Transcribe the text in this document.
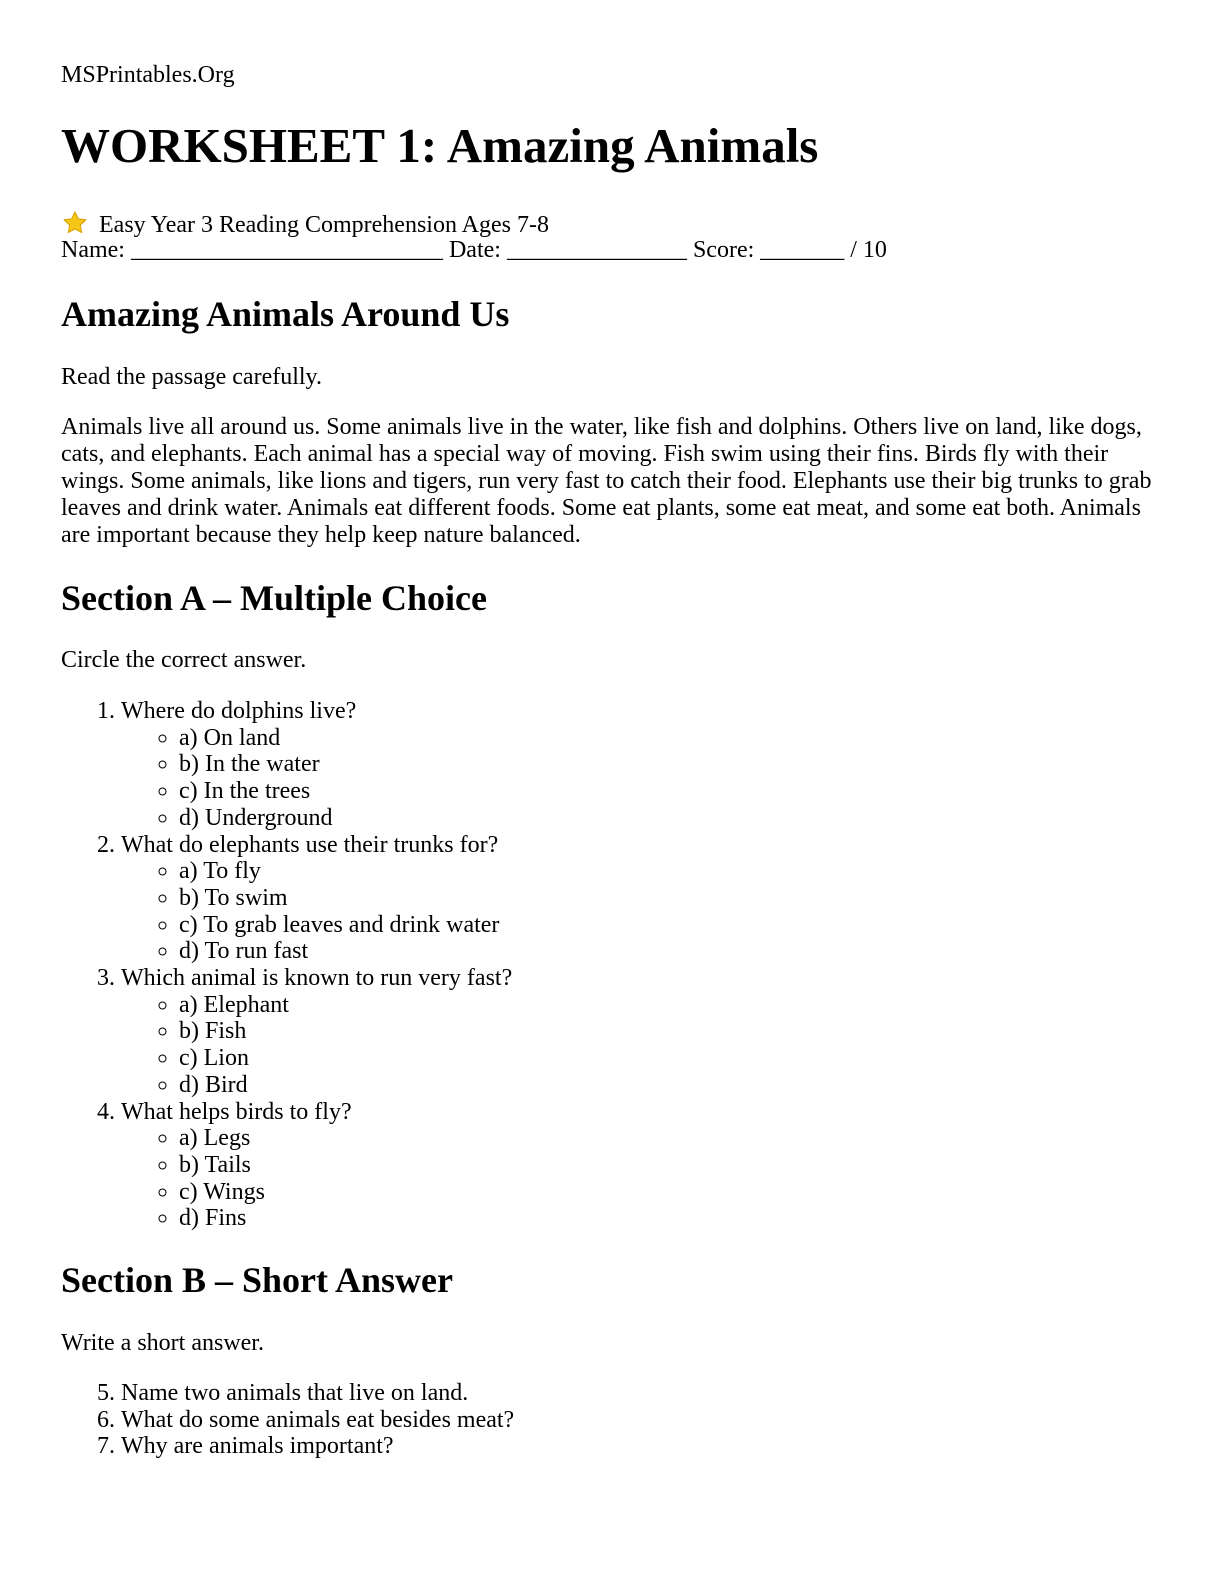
MSPrintables.Org
WORKSHEET 1: Amazing Animals
Easy Year 3 Reading Comprehension Ages 7-8
Name: __________________________ Date: _______________ Score: _______ / 10
Amazing Animals Around Us

Read the passage carefully.

Animals live all around us. Some animals live in the water, like fish and dolphins. Others live on land, like dogs, cats, and elephants. Each animal has a special way of moving. Fish swim using their fins. Birds fly with their wings. Some animals, like lions and tigers, run very fast to catch their food. Elephants use their big trunks to grab leaves and drink water. Animals eat different foods. Some eat plants, some eat meat, and some eat both. Animals are important because they help keep nature balanced.

Section A – Multiple Choice

Circle the correct answer.

1. Where do dolphins live?
◦ a) On land
◦ b) In the water
◦ c) In the trees
◦ d) Underground
2. What do elephants use their trunks for?
◦ a) To fly
◦ b) To swim
◦ c) To grab leaves and drink water
◦ d) To run fast
3. Which animal is known to run very fast?
◦ a) Elephant
◦ b) Fish
◦ c) Lion
◦ d) Bird
4. What helps birds to fly?
◦ a) Legs
◦ b) Tails
◦ c) Wings
◦ d) Fins
Section B – Short Answer

Write a short answer.

5. Name two animals that live on land.
6. What do some animals eat besides meat?
7. Why are animals important?
